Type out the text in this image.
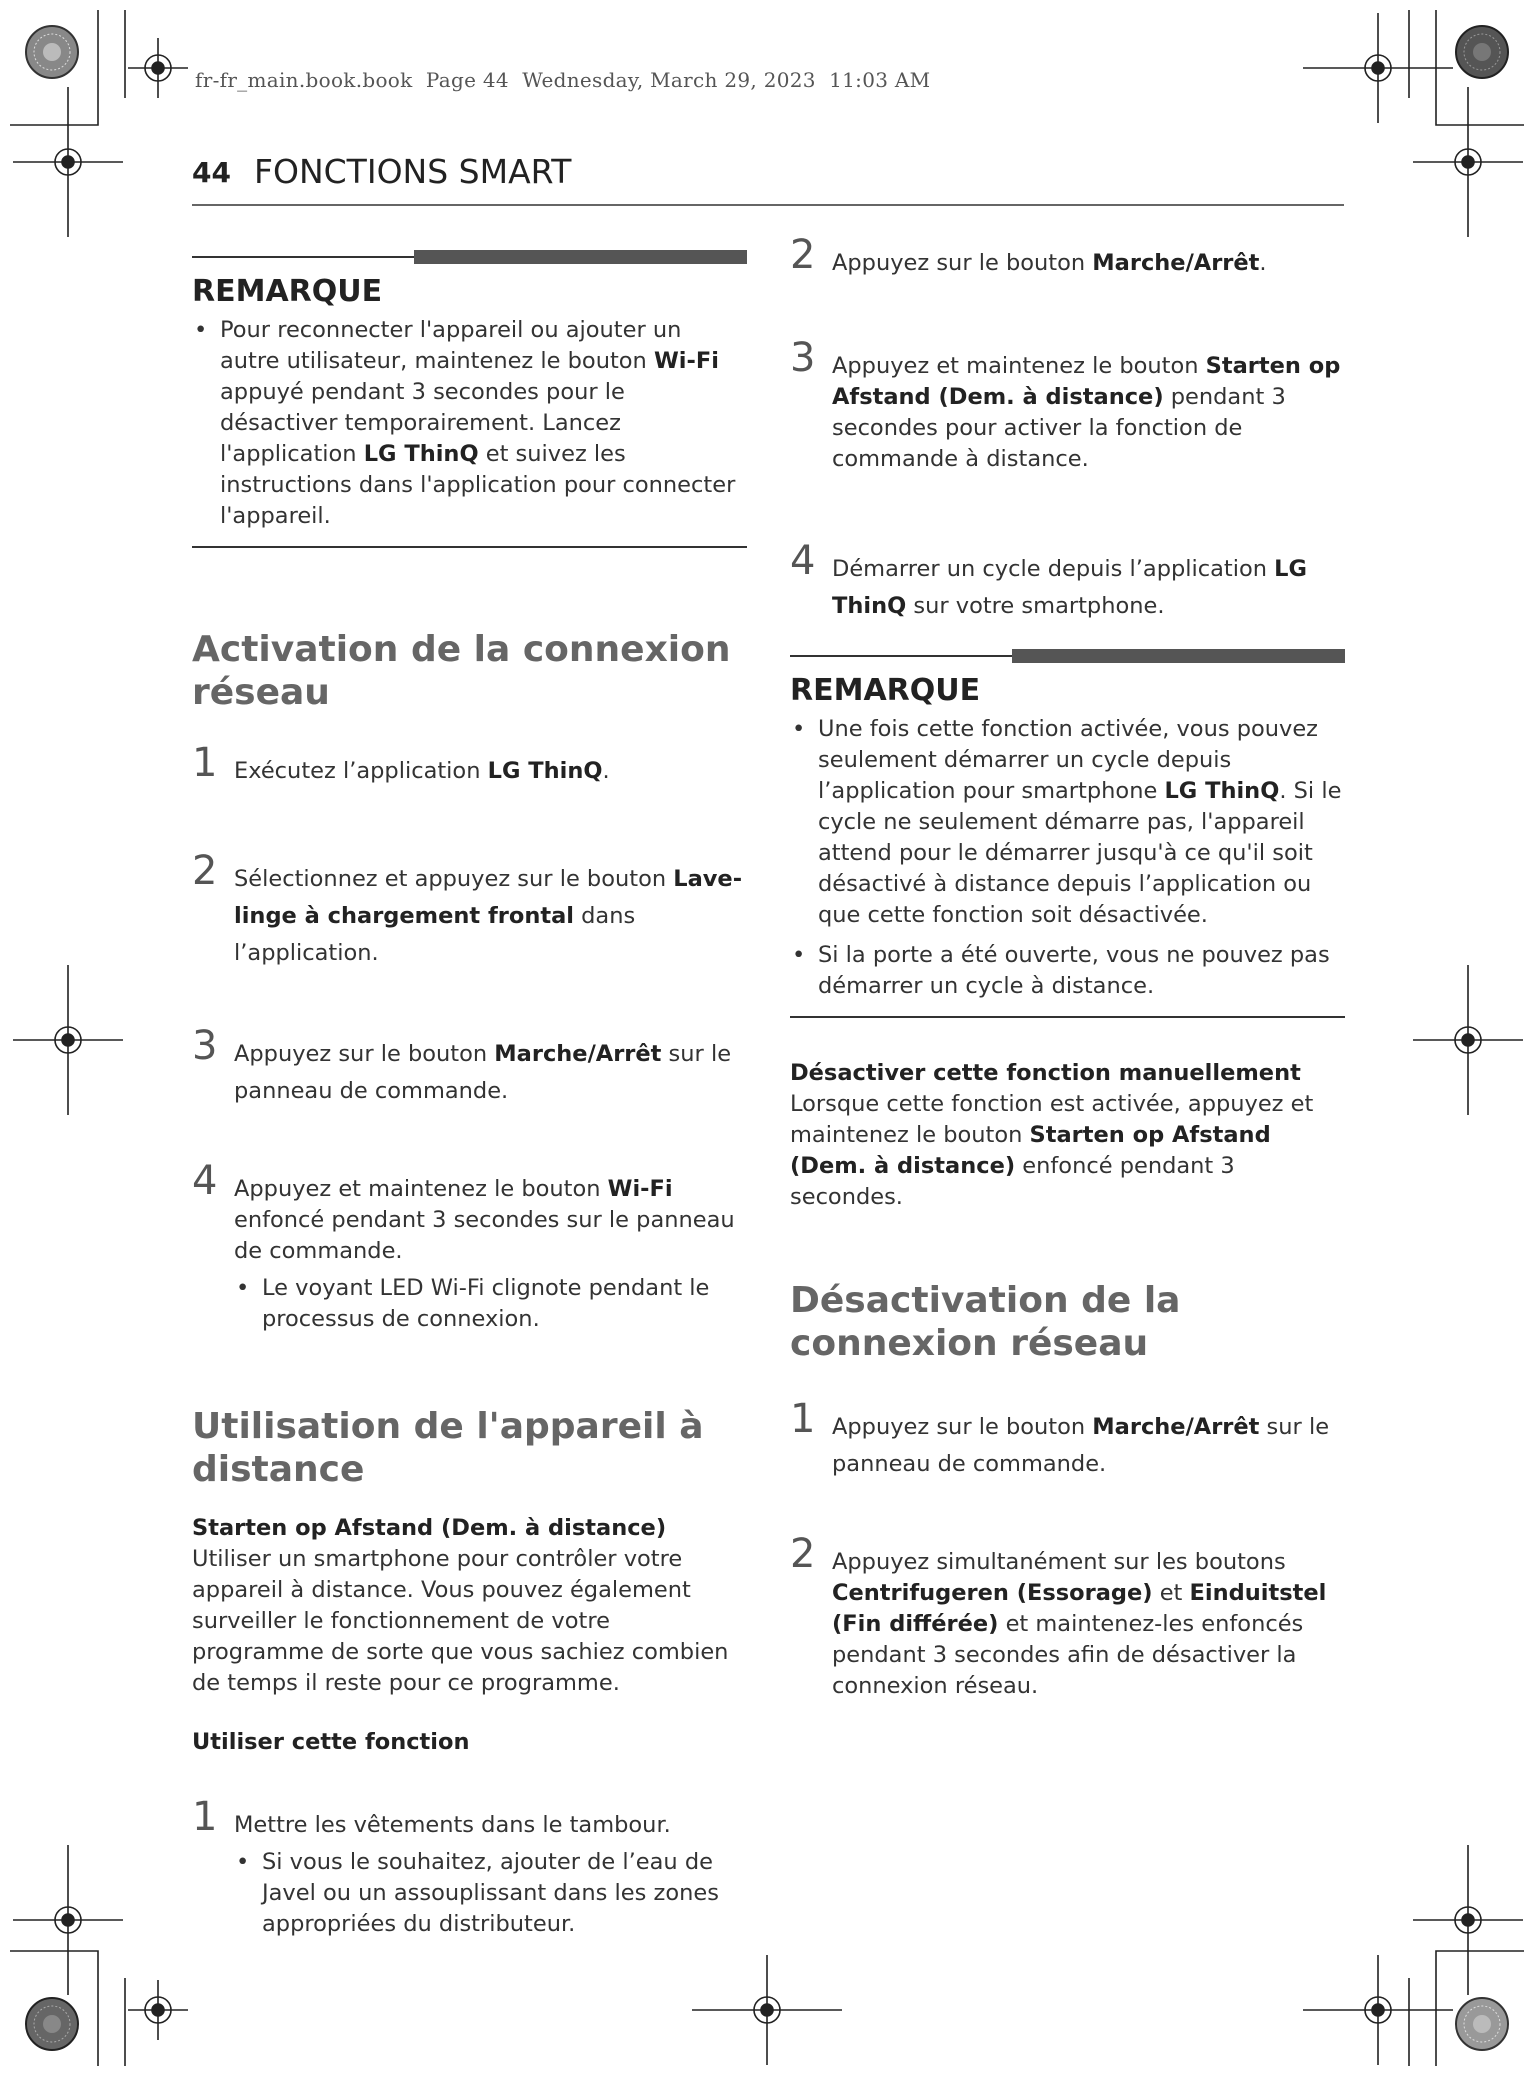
fr-fr_main.book.book  Page 44  Wednesday, March 29, 2023  11:03 AM
44 FONCTIONS SMART
REMARQUE
• Pour reconnecter l'appareil ou ajouter un autre utilisateur, maintenez le bouton Wi-Fi appuyé pendant 3 secondes pour le désactiver temporairement. Lancez l'application LG ThinQ et suivez les instructions dans l'application pour connecter l'appareil.
Activation de la connexion réseau
1 Exécutez l’application LG ThinQ.
2 Sélectionnez et appuyez sur le bouton Lave-linge à chargement frontal dans l’application.
3 Appuyez sur le bouton Marche/Arrêt sur le panneau de commande.
4 Appuyez et maintenez le bouton Wi-Fi enfoncé pendant 3 secondes sur le panneau de commande.
• Le voyant LED Wi-Fi clignote pendant le processus de connexion.
Utilisation de l'appareil à distance
Starten op Afstand (Dem. à distance)
Utiliser un smartphone pour contrôler votre appareil à distance. Vous pouvez également surveiller le fonctionnement de votre programme de sorte que vous sachiez combien de temps il reste pour ce programme.
Utiliser cette fonction
1 Mettre les vêtements dans le tambour.
• Si vous le souhaitez, ajouter de l’eau de Javel ou un assouplissant dans les zones appropriées du distributeur.
2 Appuyez sur le bouton Marche/Arrêt.
3 Appuyez et maintenez le bouton Starten op Afstand (Dem. à distance) pendant 3 secondes pour activer la fonction de commande à distance.
4 Démarrer un cycle depuis l’application LG ThinQ sur votre smartphone.
REMARQUE
• Une fois cette fonction activée, vous pouvez seulement démarrer un cycle depuis l’application pour smartphone LG ThinQ. Si le cycle ne seulement démarre pas, l'appareil attend pour le démarrer jusqu'à ce qu'il soit désactivé à distance depuis l’application ou que cette fonction soit désactivée.
• Si la porte a été ouverte, vous ne pouvez pas démarrer un cycle à distance.
Désactiver cette fonction manuellement
Lorsque cette fonction est activée, appuyez et maintenez le bouton Starten op Afstand (Dem. à distance) enfoncé pendant 3 secondes.
Désactivation de la connexion réseau
1 Appuyez sur le bouton Marche/Arrêt sur le panneau de commande.
2 Appuyez simultanément sur les boutons Centrifugeren (Essorage) et Einduitstel (Fin différée) et maintenez-les enfoncés pendant 3 secondes afin de désactiver la connexion réseau.
